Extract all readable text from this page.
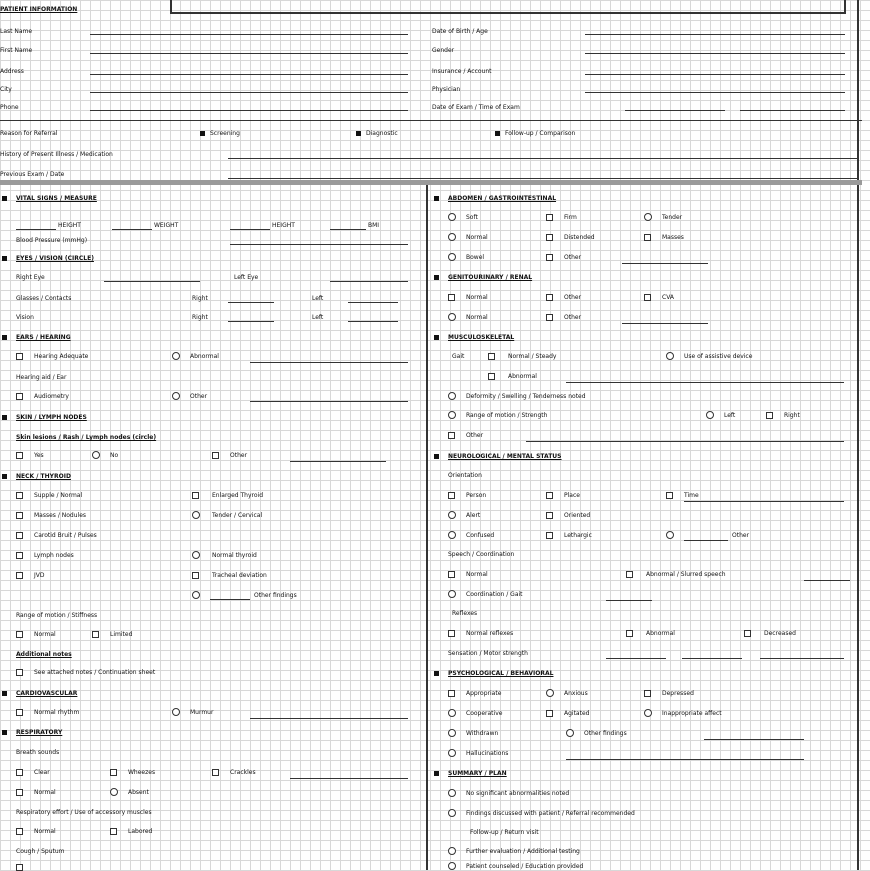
PATIENT INFORMATION
Last Name
First Name
Address
City
Phone
Date of Birth / Age
Gender
Insurance / Account
Physician
Date of Exam / Time of Exam
Reason for Referral	Screening	Diagnostic	Follow-up / Comparison
History of Present Illness / Medication
Previous Exam / Date
VITAL SIGNS / MEASURE
HEIGHT	WEIGHT	HEIGHT	BMI
Blood Pressure (mmHg)
EYES / VISION (CIRCLE)
Right Eye	Left Eye
Glasses / Contacts	Right	Left
Vision	Right	Left
EARS / HEARING
Hearing Adequate	Abnormal
Hearing aid / Ear
Audiometry	Other
SKIN / LYMPH NODES
Skin lesions / Rash / Lymph nodes (circle)
Yes	No	Other
NECK / THYROID
Supple / Normal	Enlarged Thyroid
Masses / Nodules	Tender / Cervical
Carotid Bruit / Pulses
Lymph nodes	Normal thyroid
JVD	Tracheal deviation
Other findings
Range of motion / Stiffness
Normal	Limited
Additional notes
See attached notes / Continuation sheet
CARDIOVASCULAR
Normal rhythm	Murmur
RESPIRATORY
Breath sounds
Clear	Wheezes	Crackles
Normal	Absent
Respiratory effort / Use of accessory muscles
Normal	Labored
Cough / Sputum
ABDOMEN / GASTROINTESTINAL
Soft	Firm	Tender
Normal	Distended	Masses
Bowel	Other
GENITOURINARY / RENAL
Normal	Other	CVA
Normal	Other
MUSCULOSKELETAL
Gait	Normal / Steady	Use of assistive device
Abnormal
Deformity / Swelling / Tenderness noted
Range of motion / Strength	Left	Right
Other
NEUROLOGICAL / MENTAL STATUS
Orientation
Person	Place	Time
Alert	Oriented
Confused	Lethargic	Other
Speech / Coordination
Normal	Abnormal / Slurred speech
Coordination / Gait
Reflexes
Normal reflexes	Abnormal	Decreased
Sensation / Motor strength
PSYCHOLOGICAL / BEHAVIORAL
Appropriate	Anxious	Depressed
Cooperative	Agitated	Inappropriate affect
Withdrawn	Other findings
Hallucinations
SUMMARY / PLAN
No significant abnormalities noted
Findings discussed with patient / Referral recommended
Follow-up / Return visit
Further evaluation / Additional testing
Patient counseled / Education provided
